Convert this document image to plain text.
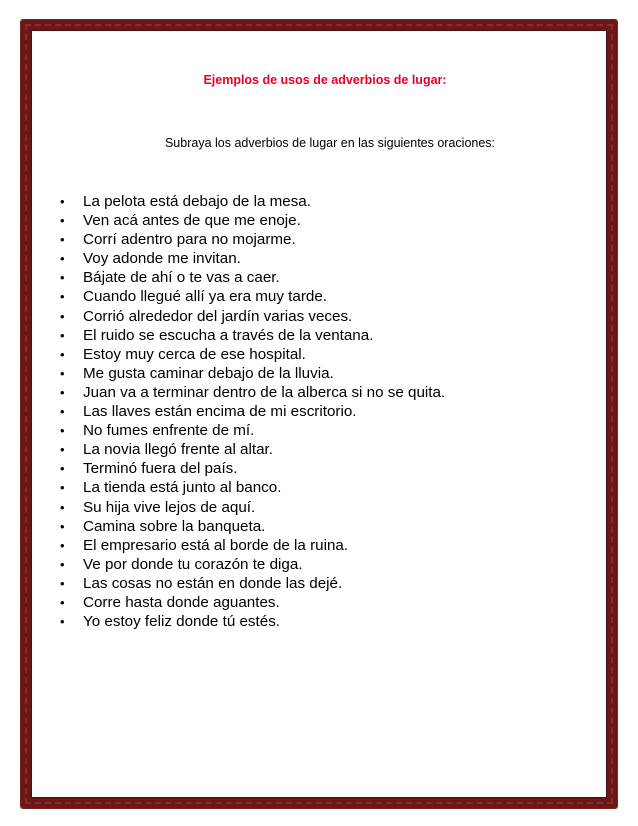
Ejemplos de usos de adverbios de lugar:
Subraya los adverbios de lugar en las siguientes oraciones:
• La pelota está debajo de la mesa.
• Ven acá antes de que me enoje.
• Corrí adentro para no mojarme.
• Voy adonde me invitan.
• Bájate de ahí o te vas a caer.
• Cuando llegué allí ya era muy tarde.
• Corrió alrededor del jardín varias veces.
• El ruido se escucha a través de la ventana.
• Estoy muy cerca de ese hospital.
• Me gusta caminar debajo de la lluvia.
• Juan va a terminar dentro de la alberca si no se quita.
• Las llaves están encima de mi escritorio.
• No fumes enfrente de mí.
• La novia llegó frente al altar.
• Terminó fuera del país.
• La tienda está junto al banco.
• Su hija vive lejos de aquí.
• Camina sobre la banqueta.
• El empresario está al borde de la ruina.
• Ve por donde tu corazón te diga.
• Las cosas no están en donde las dejé.
• Corre hasta donde aguantes.
• Yo estoy feliz donde tú estés.
